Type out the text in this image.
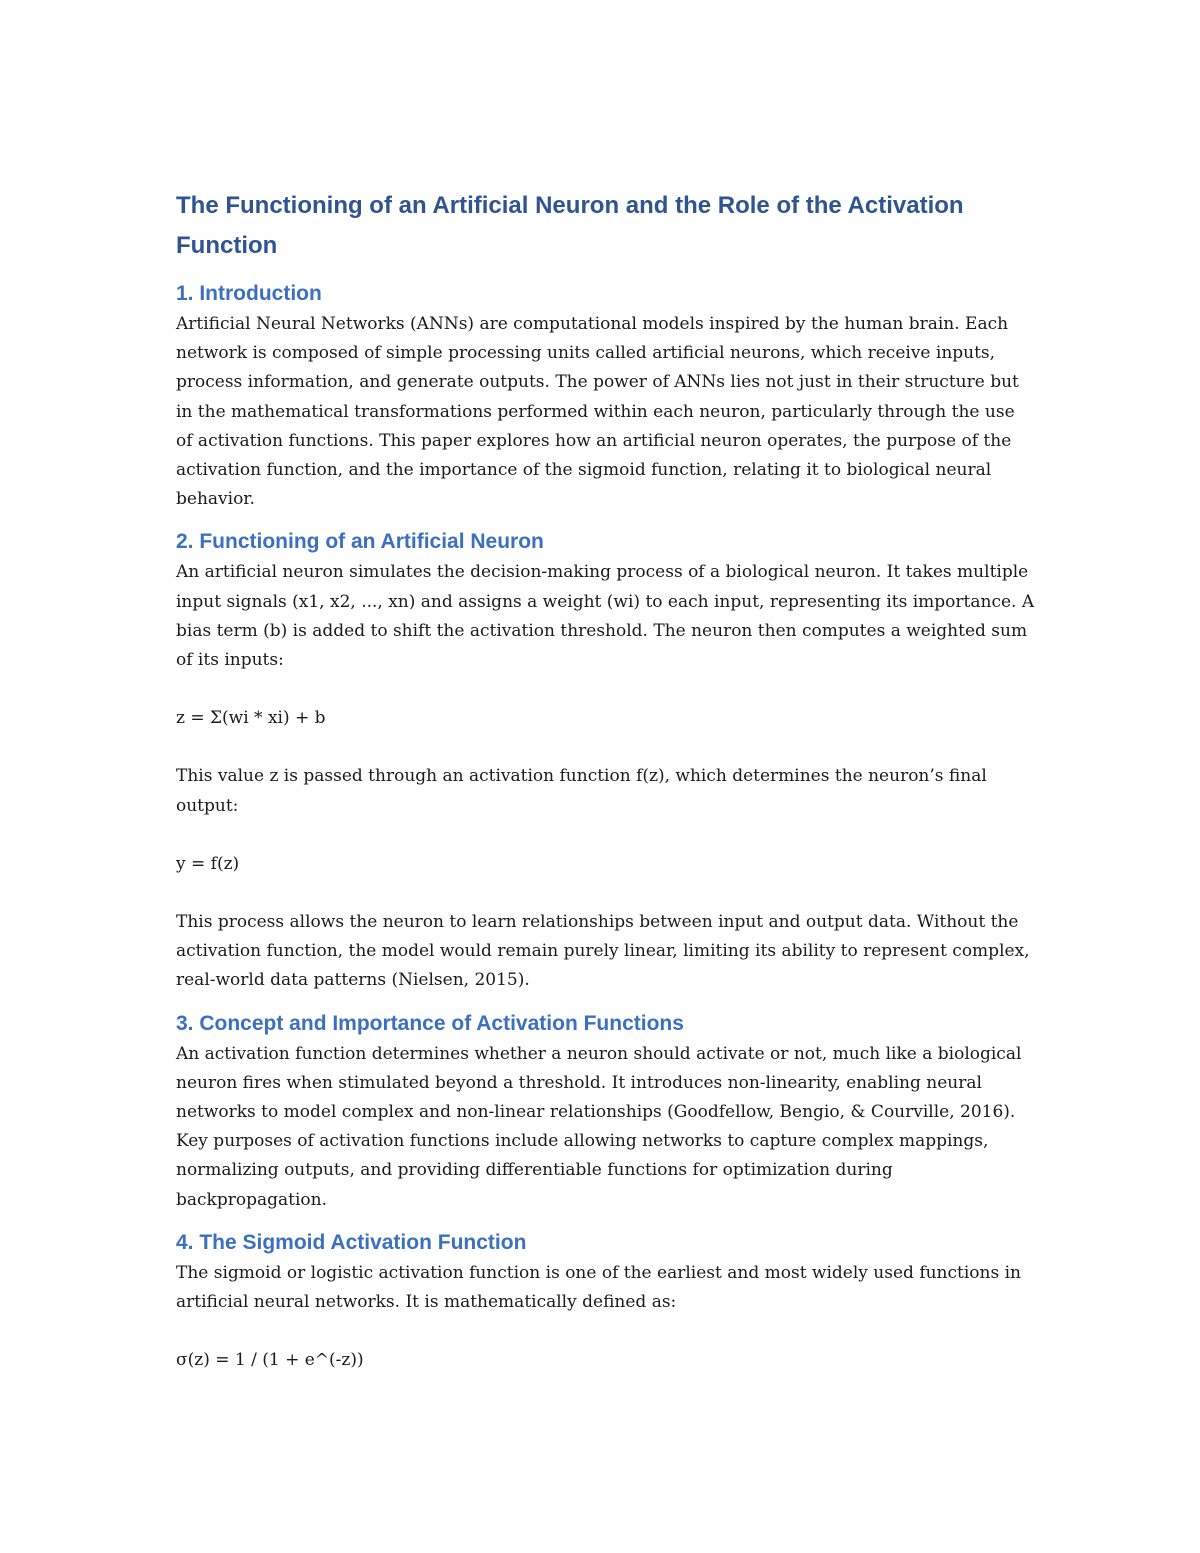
The Functioning of an Artificial Neuron and the Role of the Activation Function
1. Introduction

Artificial Neural Networks (ANNs) are computational models inspired by the human brain. Each network is composed of simple processing units called artificial neurons, which receive inputs, process information, and generate outputs. The power of ANNs lies not just in their structure but in the mathematical transformations performed within each neuron, particularly through the use of activation functions. This paper explores how an artificial neuron operates, the purpose of the activation function, and the importance of the sigmoid function, relating it to biological neural behavior.

2. Functioning of an Artificial Neuron

An artificial neuron simulates the decision-making process of a biological neuron. It takes multiple input signals (x1, x2, ..., xn) and assigns a weight (wi) to each input, representing its importance. A bias term (b) is added to shift the activation threshold. The neuron then computes a weighted sum of its inputs:

z = Σ(wi * xi) + b

This value z is passed through an activation function f(z), which determines the neuron’s final output:

y = f(z)

This process allows the neuron to learn relationships between input and output data. Without the activation function, the model would remain purely linear, limiting its ability to represent complex, real-world data patterns (Nielsen, 2015).

3. Concept and Importance of Activation Functions

An activation function determines whether a neuron should activate or not, much like a biological neuron fires when stimulated beyond a threshold. It introduces non-linearity, enabling neural networks to model complex and non-linear relationships (Goodfellow, Bengio, & Courville, 2016). Key purposes of activation functions include allowing networks to capture complex mappings, normalizing outputs, and providing differentiable functions for optimization during backpropagation.

4. The Sigmoid Activation Function

The sigmoid or logistic activation function is one of the earliest and most widely used functions in artificial neural networks. It is mathematically defined as:

σ(z) = 1 / (1 + e^(-z))
